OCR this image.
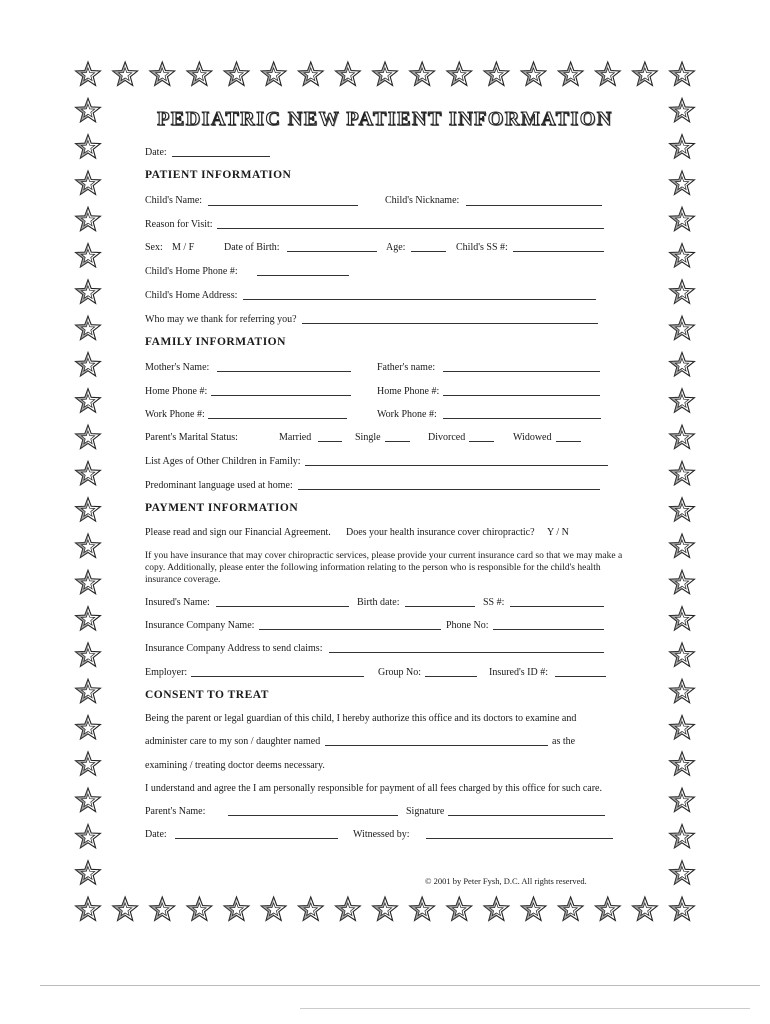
PEDIATRIC NEW PATIENT INFORMATION
Date:
PATIENT INFORMATION
Child's Name:	Child's Nickname:
Reason for Visit:
Sex: M / F	Date of Birth:	Age:	Child's SS #:
Child's Home Phone #:
Child's Home Address:
Who may we thank for referring you?
FAMILY INFORMATION
Mother's Name:	Father's name:
Home Phone #:	Home Phone #:
Work Phone #:	Work Phone #:
Parent's Marital Status:	Married	Single	Divorced	Widowed
List Ages of Other Children in Family:
Predominant language used at home:
PAYMENT INFORMATION
Please read and sign our Financial Agreement. Does your health insurance cover chiropractic? Y / N
If you have insurance that may cover chiropractic services, please provide your current insurance card so that we may make a copy. Additionally, please enter the following information relating to the person who is responsible for the child's health insurance coverage.
Insured's Name:	Birth date:	SS #:
Insurance Company Name:	Phone No:
Insurance Company Address to send claims:
Employer:	Group No:	Insured's ID #:
CONSENT TO TREAT
Being the parent or legal guardian of this child, I hereby authorize this office and its doctors to examine and
administer care to my son / daughter named	as the
examining / treating doctor deems necessary.
I understand and agree the I am personally responsible for payment of all fees charged by this office for such care.
Parent's Name:	Signature
Date:	Witnessed by:
© 2001 by Peter Fysh, D.C. All rights reserved.
